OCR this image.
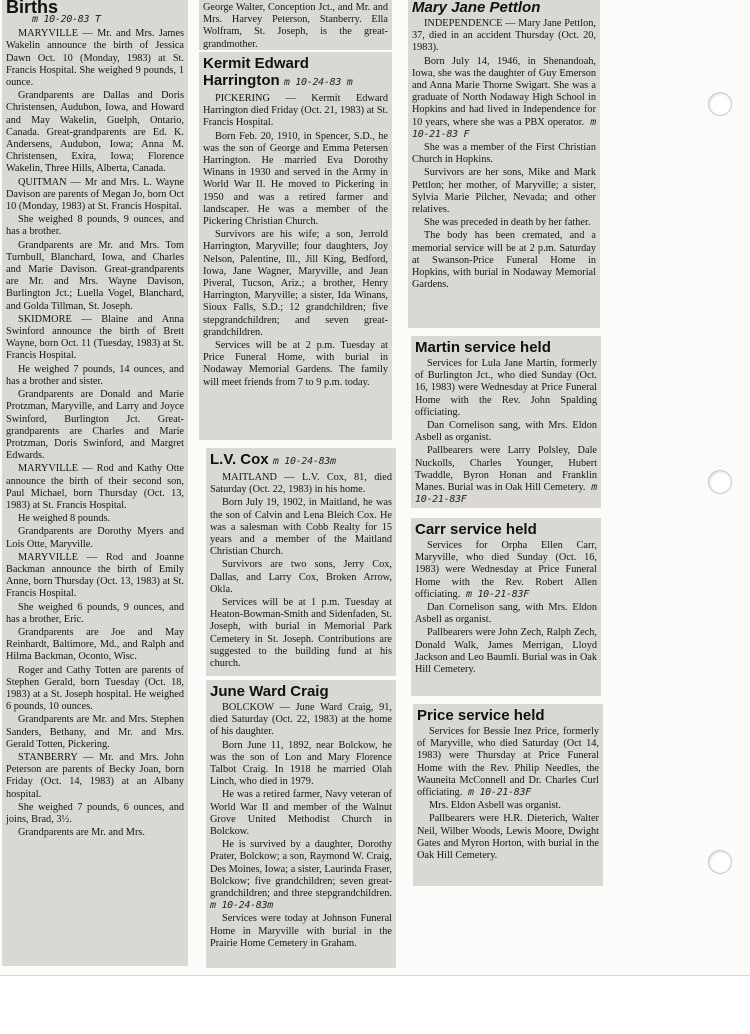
Births
m 10-20-83 T

MARYVILLE — Mr. and Mrs. James Wakelin announce the birth of Jessica Dawn Oct. 10 (Monday, 1983) at St. Francis Hospital. She weighed 9 pounds, 1 ounce.

Grandparents are Dallas and Doris Christensen, Audubon, Iowa, and Howard and May Wakelin, Guelph, Ontario, Canada. Great-grandparents are Ed. K. Andersens, Audubon, Iowa; Anna M. Christensen, Exira, Iowa; Florence Wakelin, Three Hills, Alberta, Canada.

QUITMAN — Mr and Mrs. L. Wayne Davison are parents of Megan Jo, born Oct 10 (Monday, 1983) at St. Francis Hospital.

She weighed 8 pounds, 9 ounces, and has a brother.

Grandparents are Mr. and Mrs. Tom Turnbull, Blanchard, Iowa, and Charles and Marie Davison. Great-grandparents are Mr. and Mrs. Wayne Davison, Burlington Jct.; Luella Vogel, Blanchard, and Golda Tillman, St. Joseph.

SKIDMORE — Blaine and Anna Swinford announce the birth of Brett Wayne, born Oct. 11 (Tuesday, 1983) at St. Francis Hospital.

He weighed 7 pounds, 14 ounces, and has a brother and sister.

Grandparents are Donald and Marie Protzman, Maryville, and Larry and Joyce Swinford, Burlington Jct. Great-grandparents are Charles and Marie Protzman, Doris Swinford, and Margret Edwards.

MARYVILLE — Rod and Kathy Otte announce the birth of their second son, Paul Michael, born Thursday (Oct. 13, 1983) at St. Francis Hospital.

He weighed 8 pounds.

Grandparents are Dorothy Myers and Lois Otte, Maryville.

MARYVILLE — Rod and Joanne Backman announce the birth of Emily Anne, born Thursday (Oct. 13, 1983) at St. Francis Hospital.

She weighed 6 pounds, 9 ounces, and has a brother, Eric.

Grandparents are Joe and May Reinhardt, Baltimore, Md., and Ralph and Hilma Backman, Oconto, Wisc.

Roger and Cathy Totten are parents of Stephen Gerald, born Tuesday (Oct. 18, 1983) at a St. Joseph hospital. He weighed 6 pounds, 10 ounces.

Grandparents are Mr. and Mrs. Stephen Sanders, Bethany, and Mr. and Mrs. Gerald Totten, Pickering.

STANBERRY — Mr. and Mrs. John Peterson are parents of Becky Joan, born Friday (Oct. 14, 1983) at an Albany hospital.

She weighed 7 pounds, 6 ounces, and joins, Brad, 3½.

Grandparents are Mr. and Mrs.

George Walter, Conception Jct., and Mr. and Mrs. Harvey Peterson, Stanberry. Ella Wolfram, St. Joseph, is the great-grandmother.

Kermit Edward
Harrington m 10-24-83 m

PICKERING — Kermit Edward Harrington died Friday (Oct. 21, 1983) at St. Francis Hospital.

Born Feb. 20, 1910, in Spencer, S.D., he was the son of George and Emma Petersen Harrington. He married Eva Dorothy Winans in 1930 and served in the Army in World War II. He moved to Pickering in 1950 and was a retired farmer and landscaper. He was a member of the Pickering Christian Church.

Survivors are his wife; a son, Jerrold Harrington, Maryville; four daughters, Joy Nelson, Palentine, Ill., Jill King, Bedford, Iowa, Jane Wagner, Maryville, and Jean Piveral, Tucson, Ariz.; a brother, Henry Harrington, Maryville; a sister, Ida Winans, Sioux Falls, S.D.; 12 grandchildren; five stepgrandchildren; and seven great-grandchildren.

Services will be at 2 p.m. Tuesday at Price Funeral Home, with burial in Nodaway Memorial Gardens. The family will meet friends from 7 to 9 p.m. today.

L.V. Cox m 10-24-83m

MAITLAND — L.V. Cox, 81, died Saturday (Oct. 22, 1983) in his home.

Born July 19, 1902, in Maitland, he was the son of Calvin and Lena Bleich Cox. He was a salesman with Cobb Realty for 15 years and a member of the Maitland Christian Church.

Survivors are two sons, Jerry Cox, Dallas, and Larry Cox, Broken Arrow, Okla.

Services will be at 1 p.m. Tuesday at Heaton-Bowman-Smith and Sidenfaden, St. Joseph, with burial in Memorial Park Cemetery in St. Joseph. Contributions are suggested to the building fund at his church.

June Ward Craig

BOLCKOW — June Ward Craig, 91, died Saturday (Oct. 22, 1983) at the home of his daughter.

Born June 11, 1892, near Bolckow, he was the son of Lon and Mary Florence Talbot Craig. In 1918 he married Olah Linch, who died in 1979.

He was a retired farmer, Navy veteran of World War II and member of the Walnut Grove United Methodist Church in Bolckow.

He is survived by a daughter, Dorothy Prater, Bolckow; a son, Raymond W. Craig, Des Moines, Iowa; a sister, Laurinda Fraser, Bolckow; five grandchildren; seven great-grandchildren; and three stepgrandchildren. m 10-24-83m

Services were today at Johnson Funeral Home in Maryville with burial in the Prairie Home Cemetery in Graham.

Mary Jane Pettlon

INDEPENDENCE — Mary Jane Pettlon, 37, died in an accident Thursday (Oct. 20, 1983).

Born July 14, 1946, in Shenandoah, Iowa, she was the daughter of Guy Emerson and Anna Marie Thorne Swigart. She was a graduate of North Nodaway High School in Hopkins and had lived in Independence for 10 years, where she was a PBX operator. m 10-21-83 F

She was a member of the First Christian Church in Hopkins.

Survivors are her sons, Mike and Mark Pettlon; her mother, of Maryville; a sister, Sylvia Marie Pilcher, Nevada; and other relatives.

She was preceded in death by her father.

The body has been cremated, and a memorial service will be at 2 p.m. Saturday at Swanson-Price Funeral Home in Hopkins, with burial in Nodaway Memorial Gardens.

Martin service held

Services for Lula Jane Martin, formerly of Burlington Jct., who died Sunday (Oct. 16, 1983) were Wednesday at Price Funeral Home with the Rev. John Spalding officiating.

Dan Cornelison sang, with Mrs. Eldon Asbell as organist.

Pallbearers were Larry Polsley, Dale Nuckolls, Charles Younger, Hubert Twaddle, Byron Honan and Franklin Manes. Burial was in Oak Hill Cemetery. m 10-21-83F

Carr service held

Services for Orpha Ellen Carr, Maryville, who died Sunday (Oct. 16, 1983) were Wednesday at Price Funeral Home with the Rev. Robert Allen officiating. m 10-21-83F

Dan Cornelison sang, with Mrs. Eldon Asbell as organist.

Pallbearers were John Zech, Ralph Zech, Donald Walk, James Merrigan, Lloyd Jackson and Leo Baumli. Burial was in Oak Hill Cemetery.

Price service held

Services for Bessie Inez Price, formerly of Maryville, who died Saturday (Oct 14, 1983) were Thursday at Price Funeral Home with the Rev. Philip Needles, the Wauneita McConnell and Dr. Charles Curl officiating. m 10-21-83F

Mrs. Eldon Asbell was organist.

Pallbearers were H.R. Dieterich, Walter Neil, Wilber Woods, Lewis Moore, Dwight Gates and Myron Horton, with burial in the Oak Hill Cemetery.
